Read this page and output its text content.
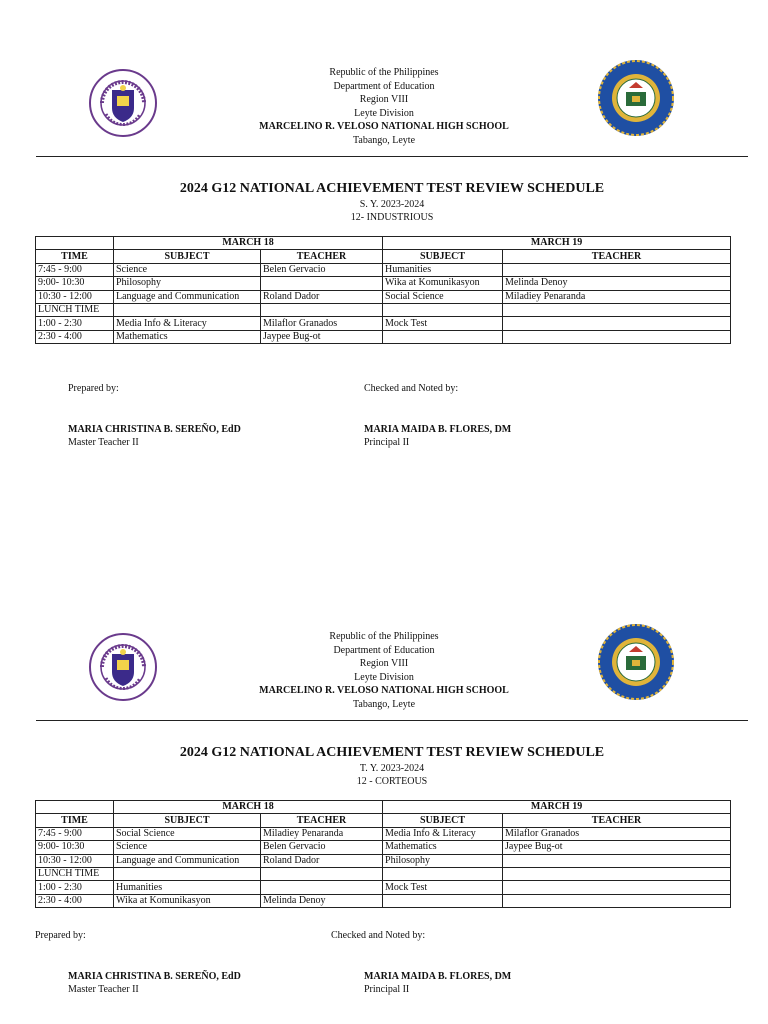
Republic of the Philippines
Department of Education
Region VIII
Leyte Division
MARCELINO R. VELOSO NATIONAL HIGH SCHOOL
Tabango, Leyte
2024 G12 NATIONAL ACHIEVEMENT TEST REVIEW SCHEDULE
S. Y. 2023-2024
12- INDUSTRIOUS
	MARCH 18		MARCH 19	
TIME	SUBJECT	TEACHER	SUBJECT	TEACHER
7:45 - 9:00	Science	Belen Gervacio	Humanities	
9:00- 10:30	Philosophy		Wika at Komunikasyon	Melinda Denoy
10:30 - 12:00	Language and Communication	Roland Dador	Social Science	Miladiey Penaranda
LUNCH TIME				
1:00 - 2:30	Media Info & Literacy	Milaflor Granados	Mock Test	
2:30 - 4:00	Mathematics	Jaypee Bug-ot		
Prepared by:	Checked and Noted by:
MARIA CHRISTINA B. SEREÑO, EdD
Master Teacher II
MARIA MAIDA B. FLORES, DM
Principal II
Republic of the Philippines
Department of Education
Region VIII
Leyte Division
MARCELINO R. VELOSO NATIONAL HIGH SCHOOL
Tabango, Leyte
2024 G12 NATIONAL ACHIEVEMENT TEST REVIEW SCHEDULE
T. Y. 2023-2024
12 - CORTEOUS
	MARCH 18		MARCH 19	
TIME	SUBJECT	TEACHER	SUBJECT	TEACHER
7:45 - 9:00	Social Science	Miladiey Penaranda	Media Info & Literacy	Milaflor Granados
9:00- 10:30	Science	Belen Gervacio	Mathematics	Jaypee Bug-ot
10:30 - 12:00	Language and Communication	Roland Dador	Philosophy	
LUNCH TIME				
1:00 - 2:30	Humanities		Mock Test	
2:30 - 4:00	Wika at Komunikasyon	Melinda Denoy		
Prepared by:	Checked and Noted by:
MARIA CHRISTINA B. SEREÑO, EdD
Master Teacher II
MARIA MAIDA B. FLORES, DM
Principal II
